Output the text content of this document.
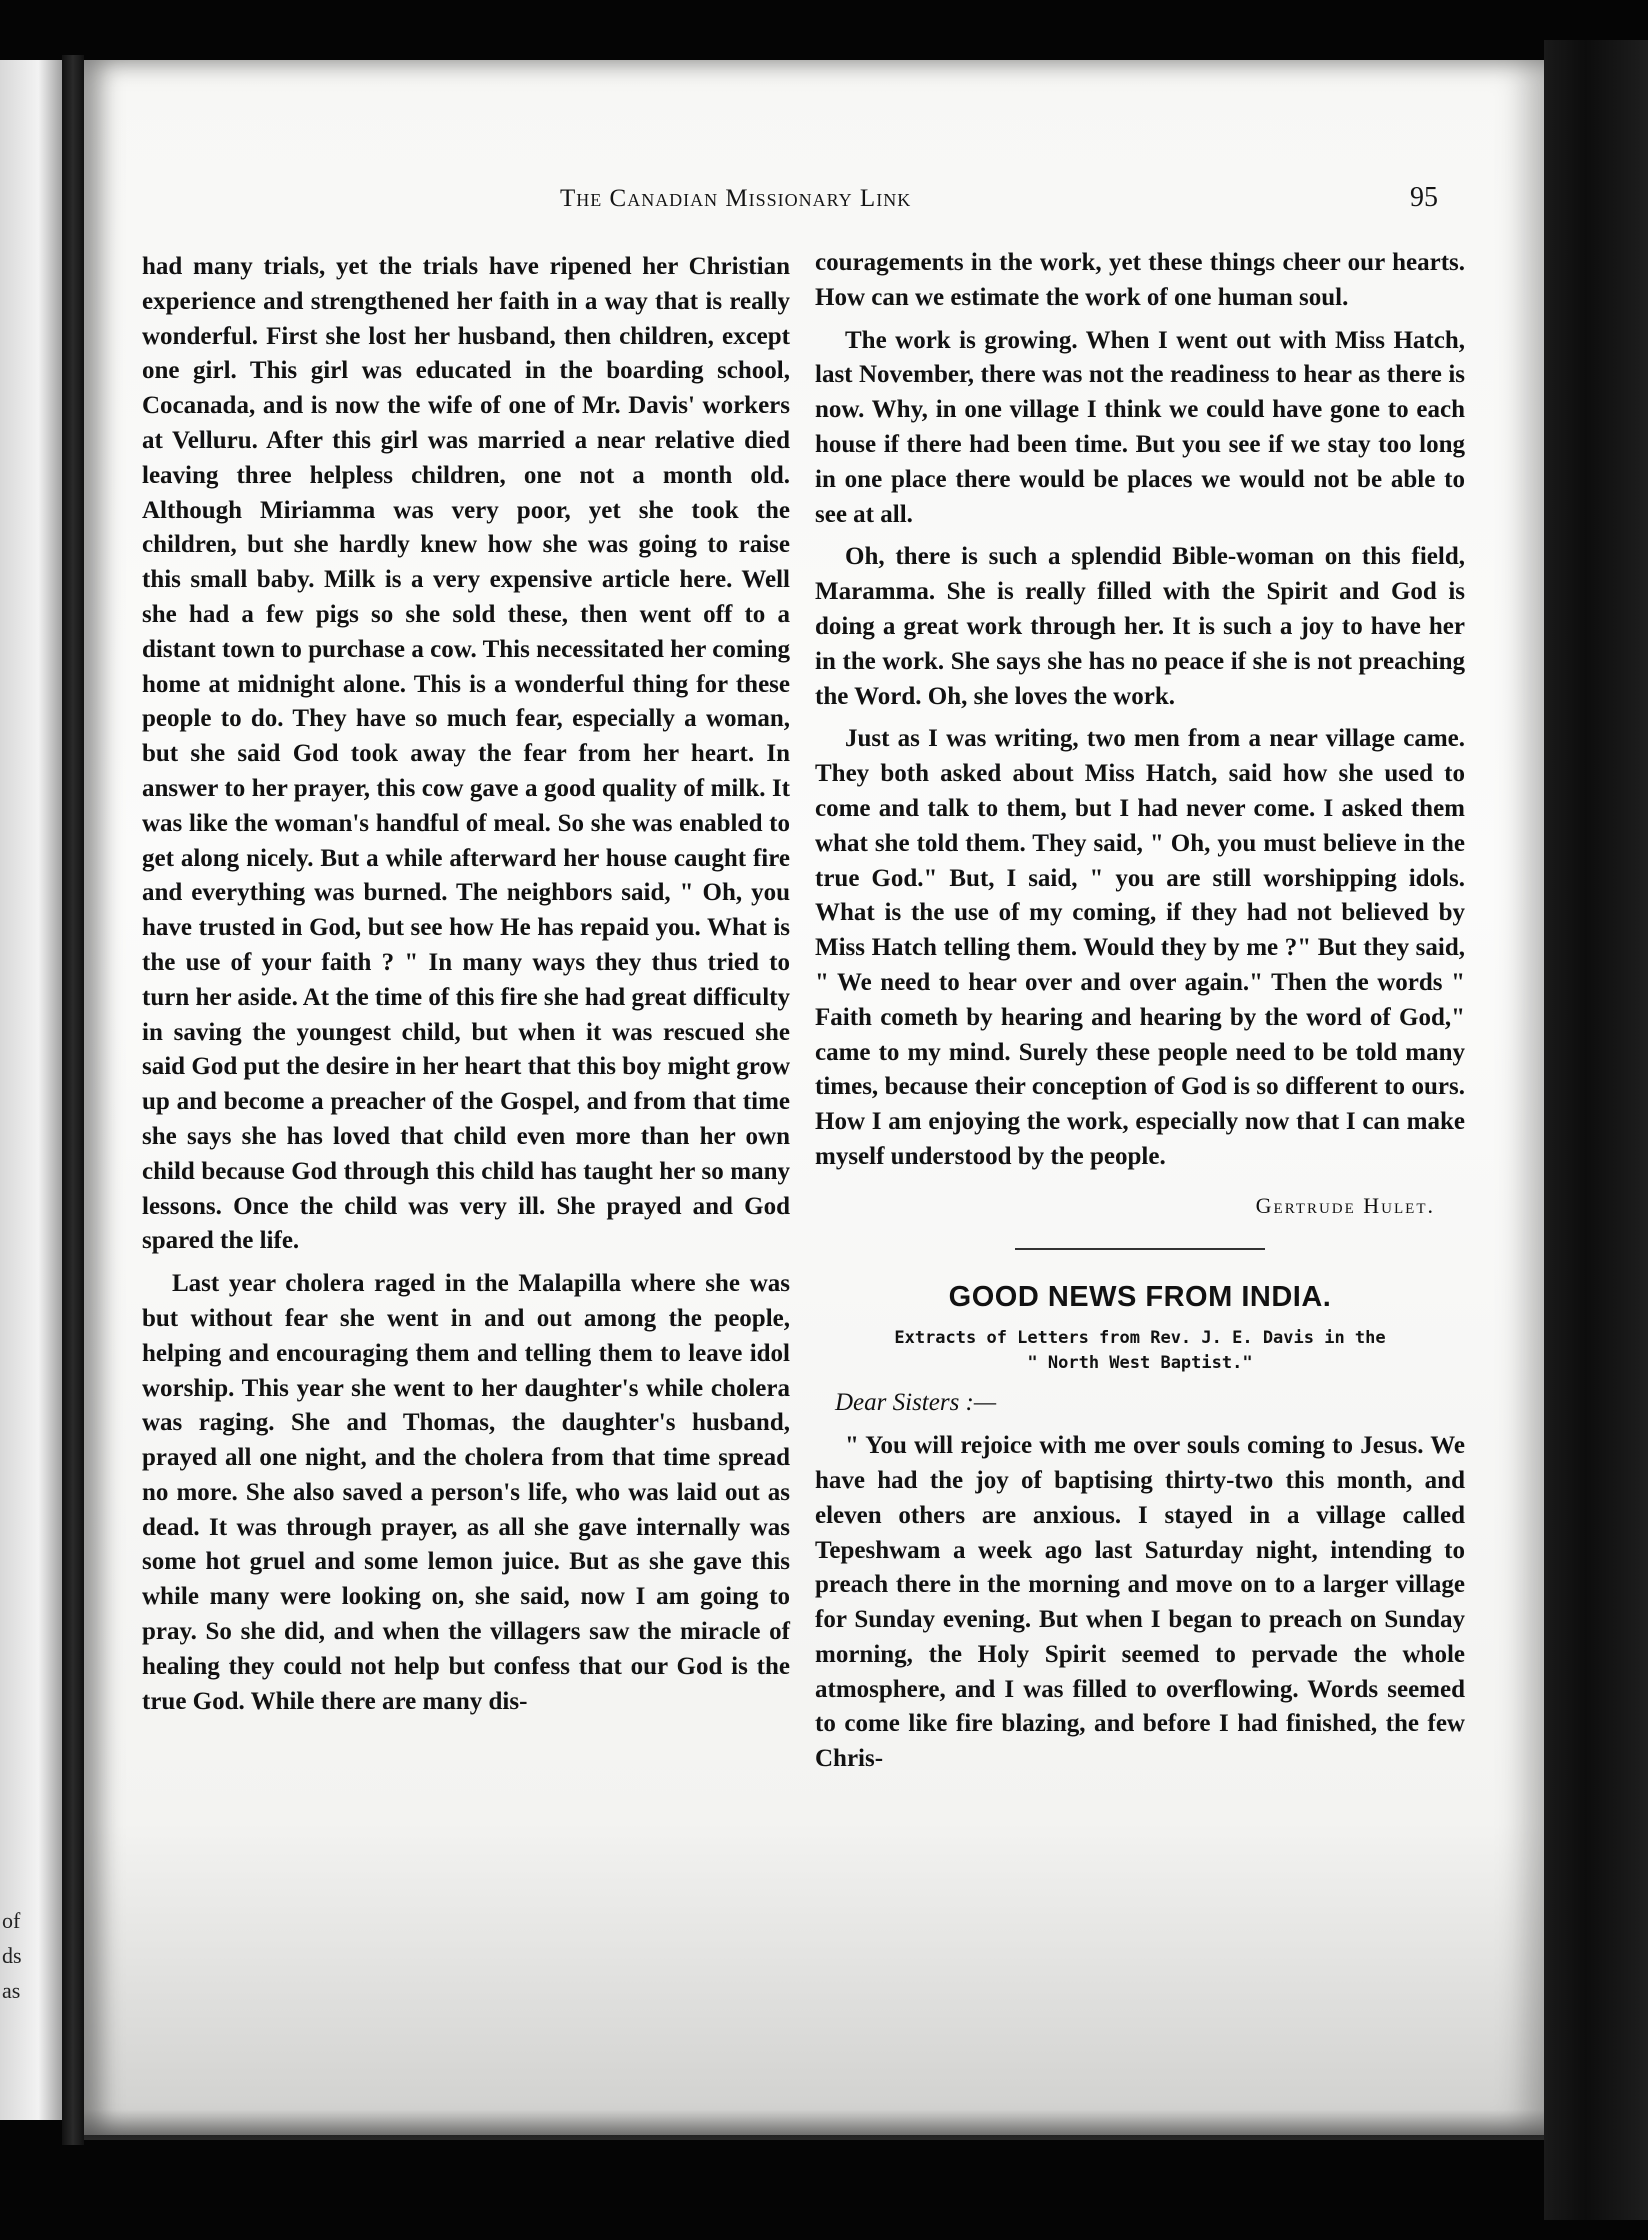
of
ds
as
The Canadian Missionary Link	95

had many trials, yet the trials have ripened her Christian experience and strengthened her faith in a way that is really wonderful. First she lost her husband, then children, except one girl. This girl was educated in the boarding school, Cocanada, and is now the wife of one of Mr. Davis' workers at Velluru. After this girl was married a near relative died leaving three helpless children, one not a month old. Although Miriamma was very poor, yet she took the children, but she hardly knew how she was going to raise this small baby. Milk is a very expensive article here. Well she had a few pigs so she sold these, then went off to a distant town to purchase a cow. This necessitated her coming home at midnight alone. This is a wonderful thing for these people to do. They have so much fear, especially a woman, but she said God took away the fear from her heart. In answer to her prayer, this cow gave a good quality of milk. It was like the woman's handful of meal. So she was enabled to get along nicely. But a while afterward her house caught fire and everything was burned. The neighbors said, " Oh, you have trusted in God, but see how He has repaid you. What is the use of your faith ? " In many ways they thus tried to turn her aside. At the time of this fire she had great difficulty in saving the youngest child, but when it was rescued she said God put the desire in her heart that this boy might grow up and become a preacher of the Gospel, and from that time she says she has loved that child even more than her own child because God through this child has taught her so many lessons. Once the child was very ill. She prayed and God spared the life.

Last year cholera raged in the Malapilla where she was but without fear she went in and out among the people, helping and encouraging them and telling them to leave idol worship. This year she went to her daughter's while cholera was raging. She and Thomas, the daughter's husband, prayed all one night, and the cholera from that time spread no more. She also saved a person's life, who was laid out as dead. It was through prayer, as all she gave internally was some hot gruel and some lemon juice. But as she gave this while many were looking on, she said, now I am going to pray. So she did, and when the villagers saw the miracle of healing they could not help but confess that our God is the true God. While there are many dis-

couragements in the work, yet these things cheer our hearts. How can we estimate the work of one human soul.

The work is growing. When I went out with Miss Hatch, last November, there was not the readiness to hear as there is now. Why, in one village I think we could have gone to each house if there had been time. But you see if we stay too long in one place there would be places we would not be able to see at all.

Oh, there is such a splendid Bible-woman on this field, Maramma. She is really filled with the Spirit and God is doing a great work through her. It is such a joy to have her in the work. She says she has no peace if she is not preaching the Word. Oh, she loves the work.

Just as I was writing, two men from a near village came. They both asked about Miss Hatch, said how she used to come and talk to them, but I had never come. I asked them what she told them. They said, " Oh, you must believe in the true God." But, I said, " you are still worshipping idols. What is the use of my coming, if they had not believed by Miss Hatch telling them. Would they by me ?" But they said, " We need to hear over and over again." Then the words " Faith cometh by hearing and hearing by the word of God," came to my mind. Surely these people need to be told many times, because their conception of God is so different to ours. How I am enjoying the work, especially now that I can make myself understood by the people.

Gertrude Hulet.

GOOD NEWS FROM INDIA.

Extracts of Letters from Rev. J. E. Davis in the

" North West Baptist."

Dear Sisters :—

" You will rejoice with me over souls coming to Jesus. We have had the joy of baptising thirty-two this month, and eleven others are anxious. I stayed in a village called Tepeshwam a week ago last Saturday night, intending to preach there in the morning and move on to a larger village for Sunday evening. But when I began to preach on Sunday morning, the Holy Spirit seemed to pervade the whole atmosphere, and I was filled to overflowing. Words seemed to come like fire blazing, and before I had finished, the few Chris-
